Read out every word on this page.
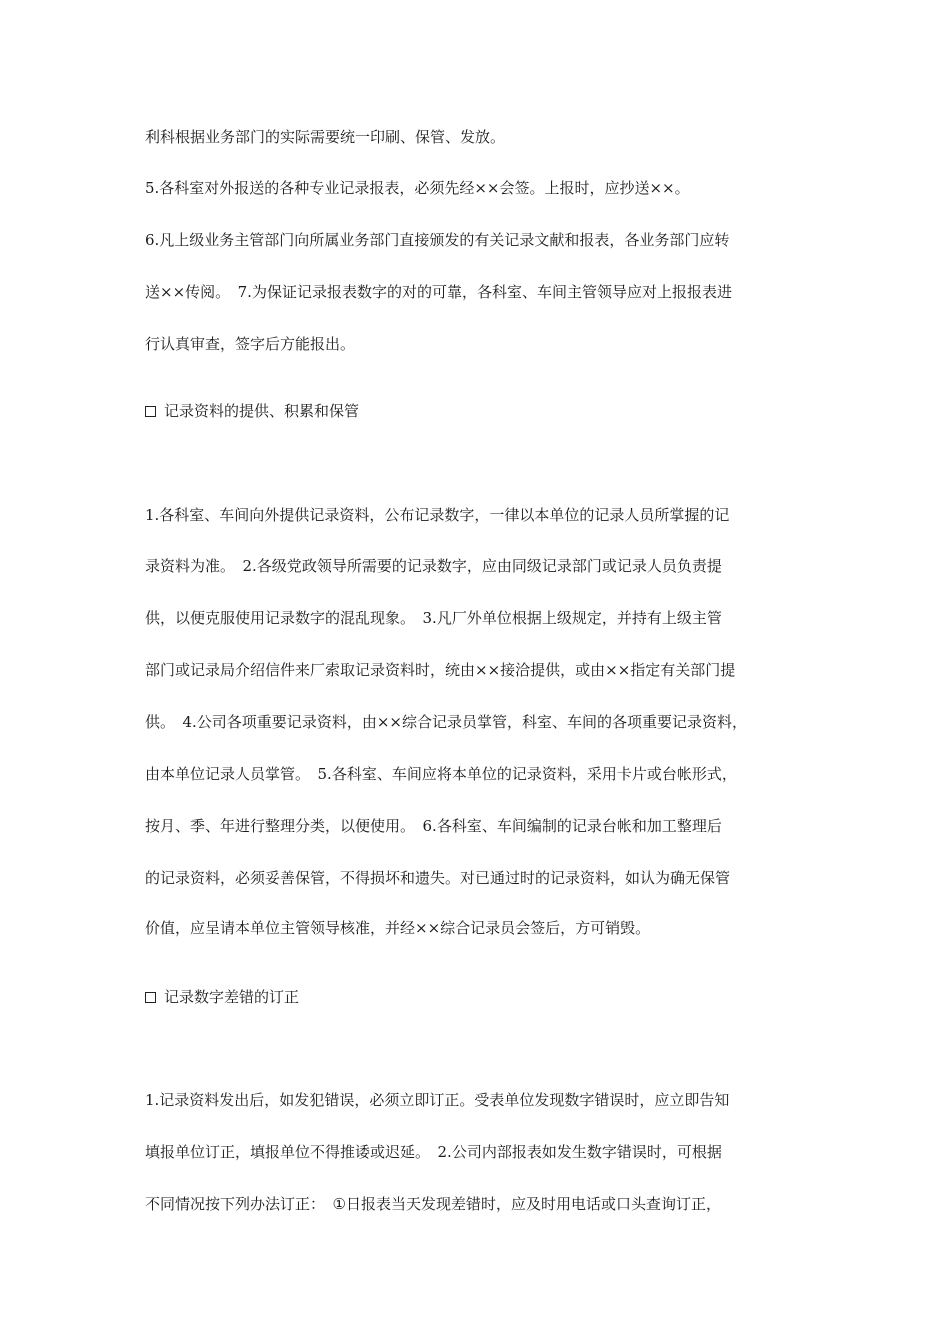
利科根据业务部门的实际需要统一印刷、保管、发放。
5.各科室对外报送的各种专业记录报表，必须先经××会签。上报时，应抄送××。
6.凡上级业务主管部门向所属业务部门直接颁发的有关记录文献和报表，各业务部门应转
送××传阅。　7.为保证记录报表数字的对的可靠，各科室、车间主管领导应对上报报表进
行认真审查，签字后方能报出。
记录资料的提供、积累和保管
1.各科室、车间向外提供记录资料，公布记录数字，一律以本单位的记录人员所掌握的记
录资料为准。　2.各级党政领导所需要的记录数字，应由同级记录部门或记录人员负责提
供，以便克服使用记录数字的混乱现象。　3.凡厂外单位根据上级规定，并持有上级主管
部门或记录局介绍信件来厂索取记录资料时，统由××接洽提供，或由××指定有关部门提
供。　4.公司各项重要记录资料，由××综合记录员掌管，科室、车间的各项重要记录资料，
由本单位记录人员掌管。　5.各科室、车间应将本单位的记录资料，采用卡片或台帐形式，
按月、季、年进行整理分类，以便使用。　6.各科室、车间编制的记录台帐和加工整理后
的记录资料，必须妥善保管，不得损坏和遗失。对已通过时的记录资料，如认为确无保管
价值，应呈请本单位主管领导核准，并经××综合记录员会签后，方可销毁。
记录数字差错的订正
1.记录资料发出后，如发犯错误，必须立即订正。受表单位发现数字错误时，应立即告知
填报单位订正，填报单位不得推诿或迟延。　2.公司内部报表如发生数字错误时，可根据
不同情况按下列办法订正：　①日报表当天发现差错时，应及时用电话或口头查询订正，
